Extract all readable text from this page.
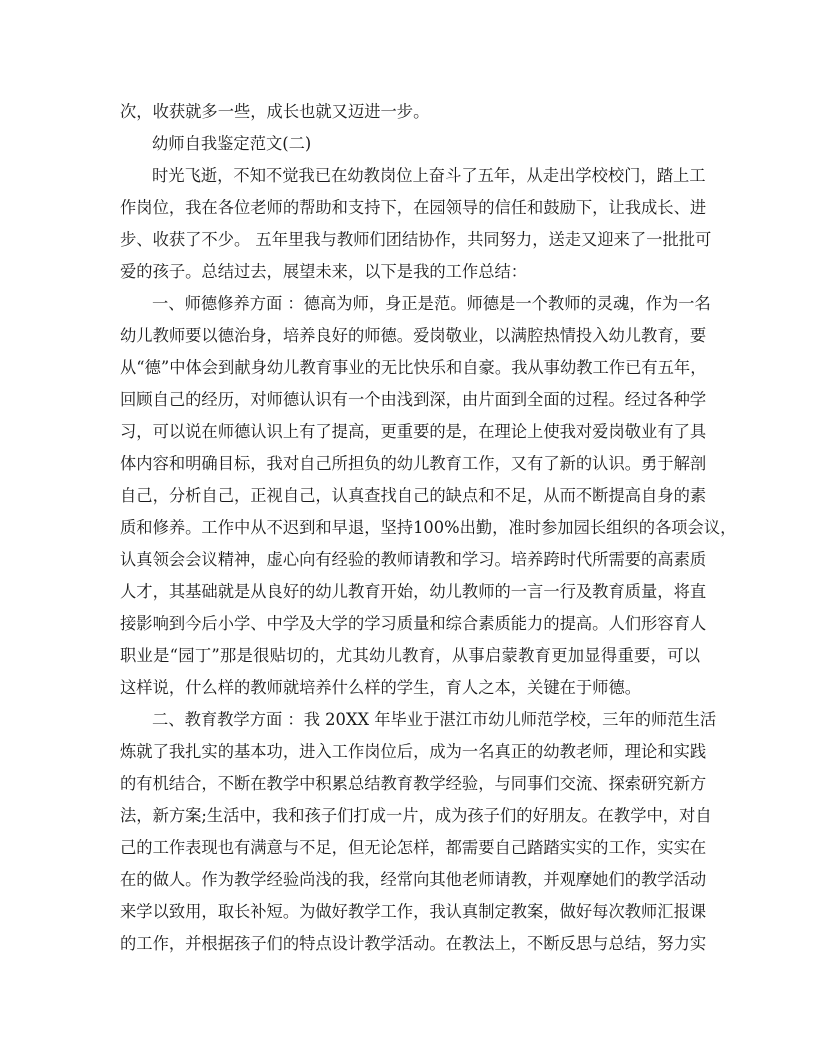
次，收获就多一些，成长也就又迈进一步。
幼师自我鉴定范文(二)
时光飞逝，不知不觉我已在幼教岗位上奋斗了五年，从走出学校校门，踏上工
作岗位，我在各位老师的帮助和支持下，在园领导的信任和鼓励下，让我成长、进
步、收获了不少。 五年里我与教师们团结协作，共同努力，送走又迎来了一批批可
爱的孩子。总结过去，展望未来，以下是我的工作总结：
一、师德修养方面 ：德高为师，身正是范。师德是一个教师的灵魂，作为一名
幼儿教师要以德治身，培养良好的师德。爱岗敬业，以满腔热情投入幼儿教育，要
从“德”中体会到献身幼儿教育事业的无比快乐和自豪。我从事幼教工作已有五年，
回顾自己的经历，对师德认识有一个由浅到深，由片面到全面的过程。经过各种学
习，可以说在师德认识上有了提高，更重要的是，在理论上使我对爱岗敬业有了具
体内容和明确目标，我对自己所担负的幼儿教育工作，又有了新的认识。勇于解剖
自己，分析自己，正视自己，认真查找自己的缺点和不足，从而不断提高自身的素
质和修养。工作中从不迟到和早退，坚持100%出勤，准时参加园长组织的各项会议，
认真领会会议精神，虚心向有经验的教师请教和学习。培养跨时代所需要的高素质
人才，其基础就是从良好的幼儿教育开始，幼儿教师的一言一行及教育质量，将直
接影响到今后小学、中学及大学的学习质量和综合素质能力的提高。人们形容育人
职业是“园丁”那是很贴切的，尤其幼儿教育，从事启蒙教育更加显得重要，可以
这样说，什么样的教师就培养什么样的学生，育人之本，关键在于师德。
二、教育教学方面 ：我 20XX 年毕业于湛江市幼儿师范学校，三年的师范生活
炼就了我扎实的基本功，进入工作岗位后，成为一名真正的幼教老师，理论和实践
的有机结合，不断在教学中积累总结教育教学经验，与同事们交流、探索研究新方
法，新方案;生活中，我和孩子们打成一片，成为孩子们的好朋友。在教学中，对自
己的工作表现也有满意与不足，但无论怎样，都需要自己踏踏实实的工作，实实在
在的做人。作为教学经验尚浅的我，经常向其他老师请教，并观摩她们的教学活动
来学以致用，取长补短。为做好教学工作，我认真制定教案，做好每次教师汇报课
的工作，并根据孩子们的特点设计教学活动。在教法上，不断反思与总结，努力实
